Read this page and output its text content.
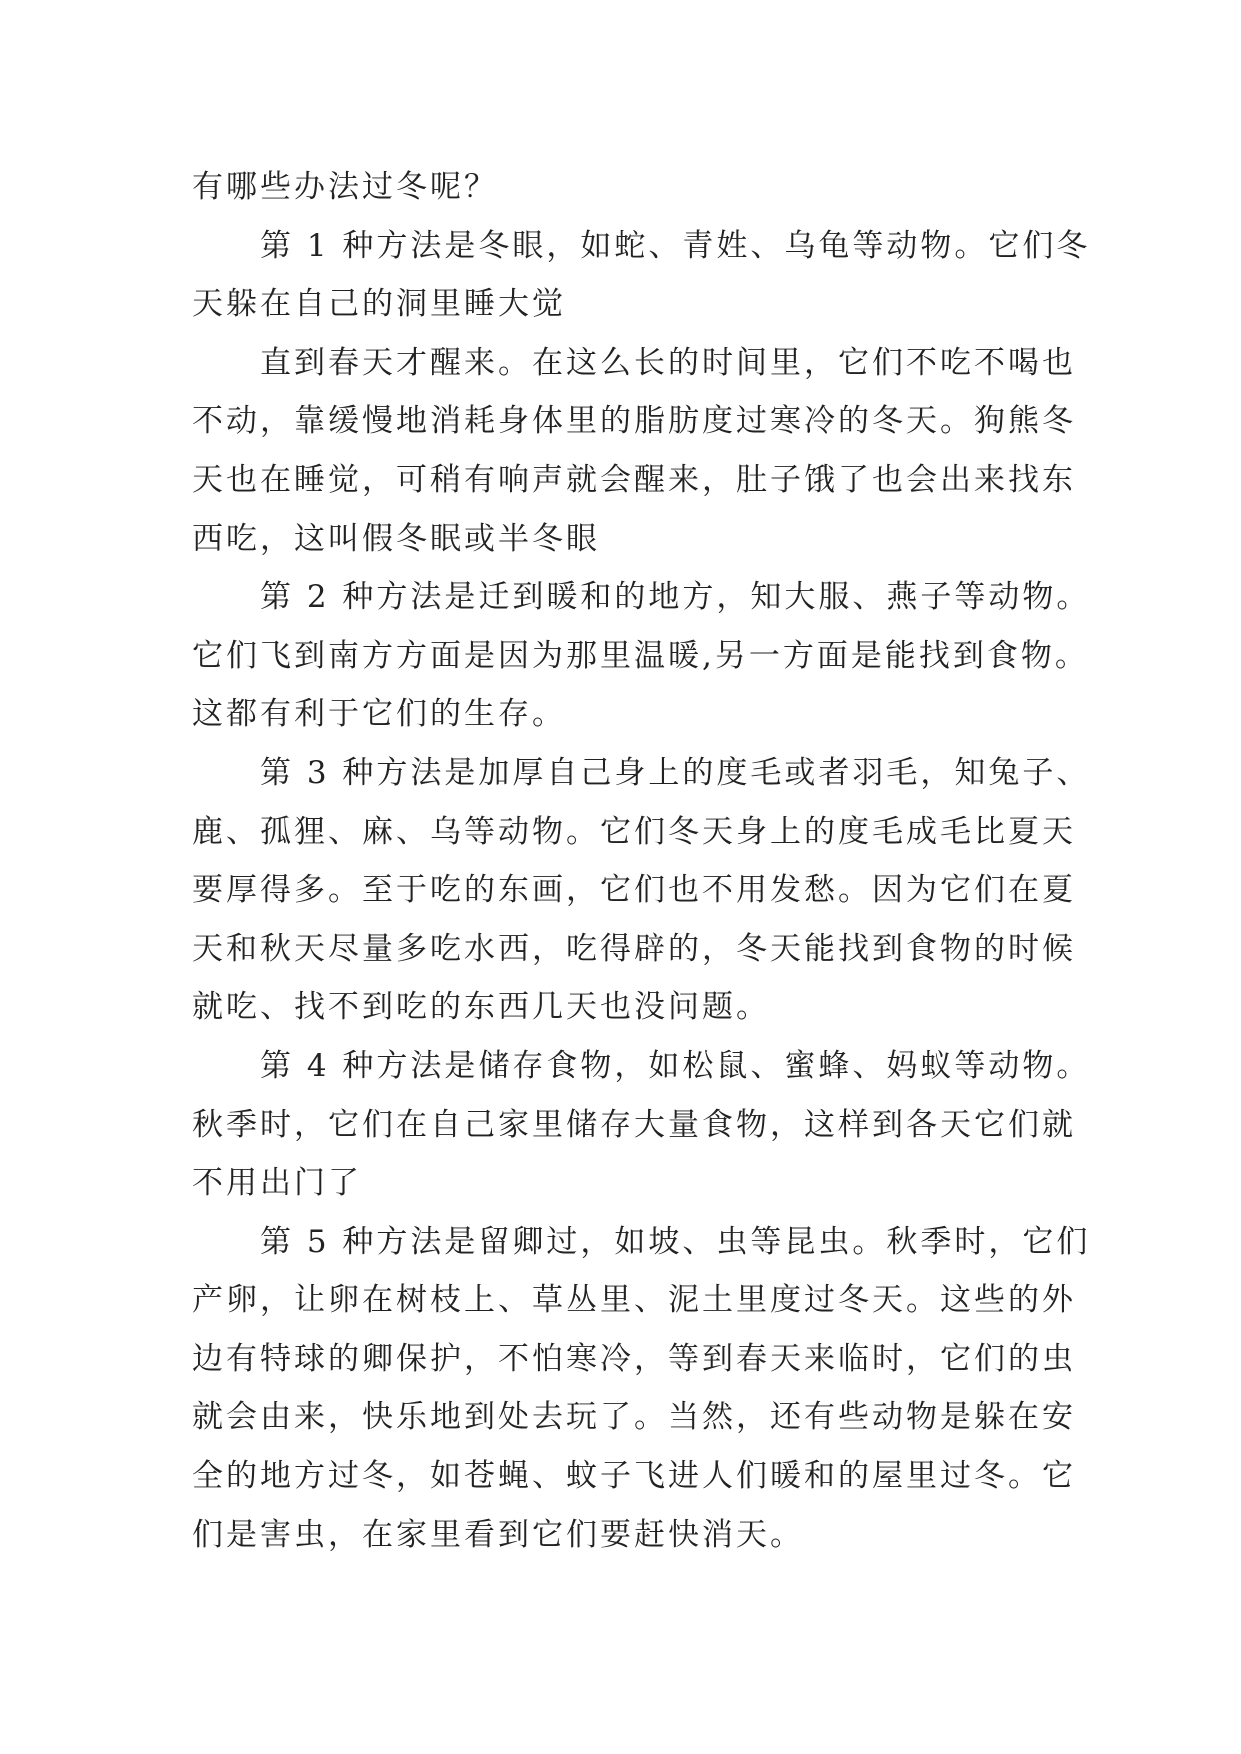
有哪些办法过冬呢？
第 1 种方法是冬眼，如蛇、青姓、乌龟等动物。它们冬
天躲在自己的洞里睡大觉
直到春天才醒来。在这么长的时间里，它们不吃不喝也
不动，靠缓慢地消耗身体里的脂肪度过寒冷的冬天。狗熊冬
天也在睡觉，可稍有响声就会醒来，肚子饿了也会出来找东
西吃，这叫假冬眠或半冬眼
第 2 种方法是迁到暖和的地方，知大服、燕子等动物。
它们飞到南方方面是因为那里温暖,另一方面是能找到食物。
这都有利于它们的生存。
第 3 种方法是加厚自己身上的度毛或者羽毛，知兔子、
鹿、孤狸、麻、乌等动物。它们冬天身上的度毛成毛比夏天
要厚得多。至于吃的东画，它们也不用发愁。因为它们在夏
天和秋天尽量多吃水西，吃得辟的，冬天能找到食物的时候
就吃、找不到吃的东西几天也没问题。
第 4 种方法是储存食物，如松鼠、蜜蜂、妈蚁等动物。
秋季时，它们在自己家里储存大量食物，这样到各天它们就
不用出门了
第 5 种方法是留卿过，如坡、虫等昆虫。秋季时，它们
产卵，让卵在树枝上、草丛里、泥土里度过冬天。这些的外
边有特球的卿保护，不怕寒冷，等到春天来临时，它们的虫
就会由来，快乐地到处去玩了。当然，还有些动物是躲在安
全的地方过冬，如苍蝇、蚊子飞进人们暖和的屋里过冬。它
们是害虫，在家里看到它们要赶快消天。
